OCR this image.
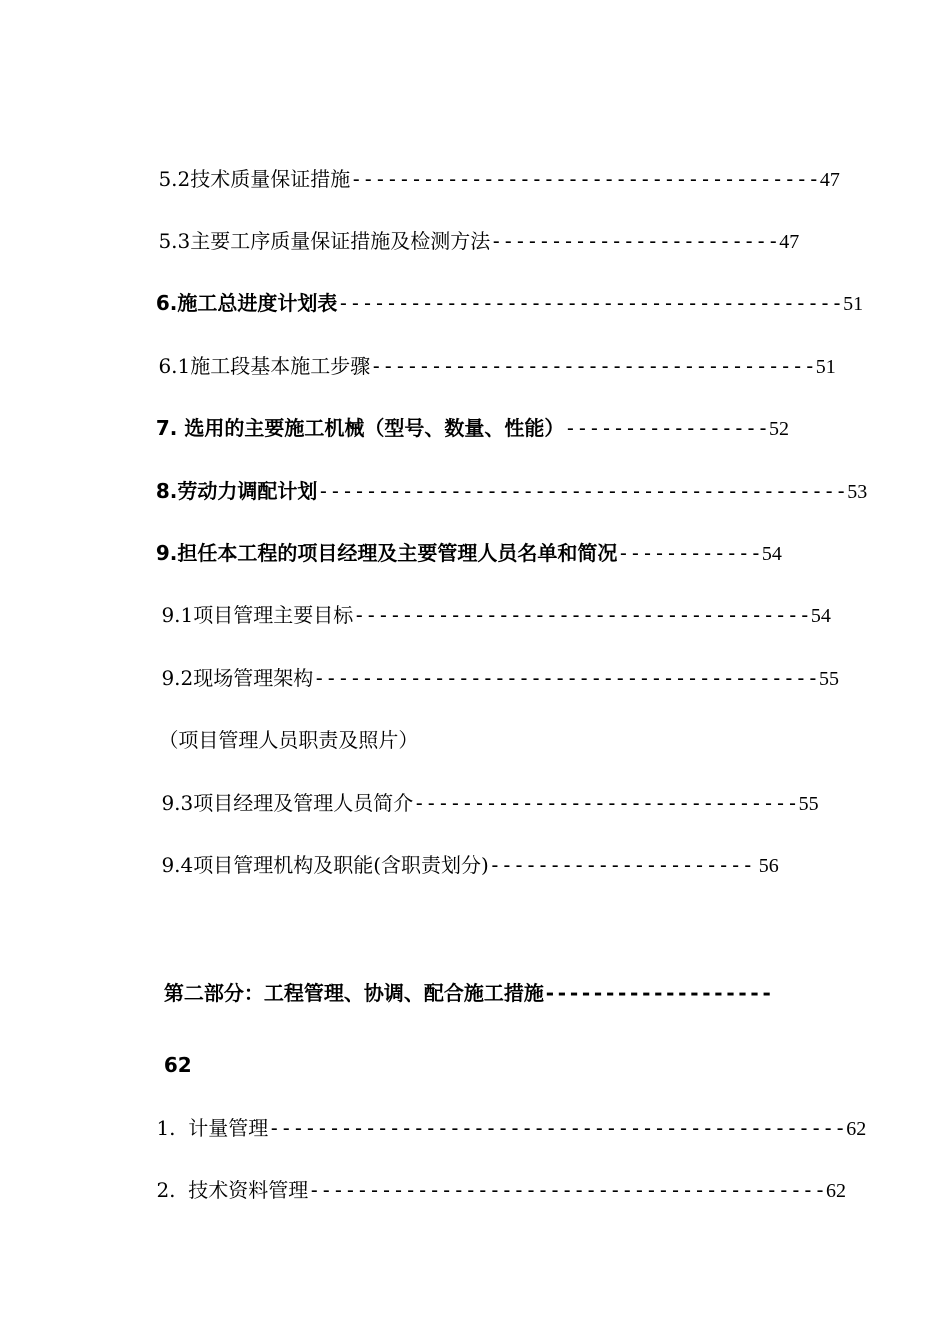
5.2技术质量保证措施---------------------------------------47

5.3主要工序质量保证措施及检测方法------------------------47

6.施工总进度计划表------------------------------------------51

6.1施工段基本施工步骤-------------------------------------51

7. 选用的主要施工机械（型号、数量、性能）-----------------52

8.劳动力调配计划--------------------------------------------53

9.担任本工程的项目经理及主要管理人员名单和简况------------54

9.1项目管理主要目标--------------------------------------54

9.2现场管理架构------------------------------------------55

（项目管理人员职责及照片）

9.3项目经理及管理人员简介--------------------------------55

9.4项目管理机构及职能(含职责划分)---------------------- 56

第二部分：工程管理、协调、配合施工措施-------------------

62

1.  计量管理------------------------------------------------62

2.  技术资料管理-------------------------------------------62
